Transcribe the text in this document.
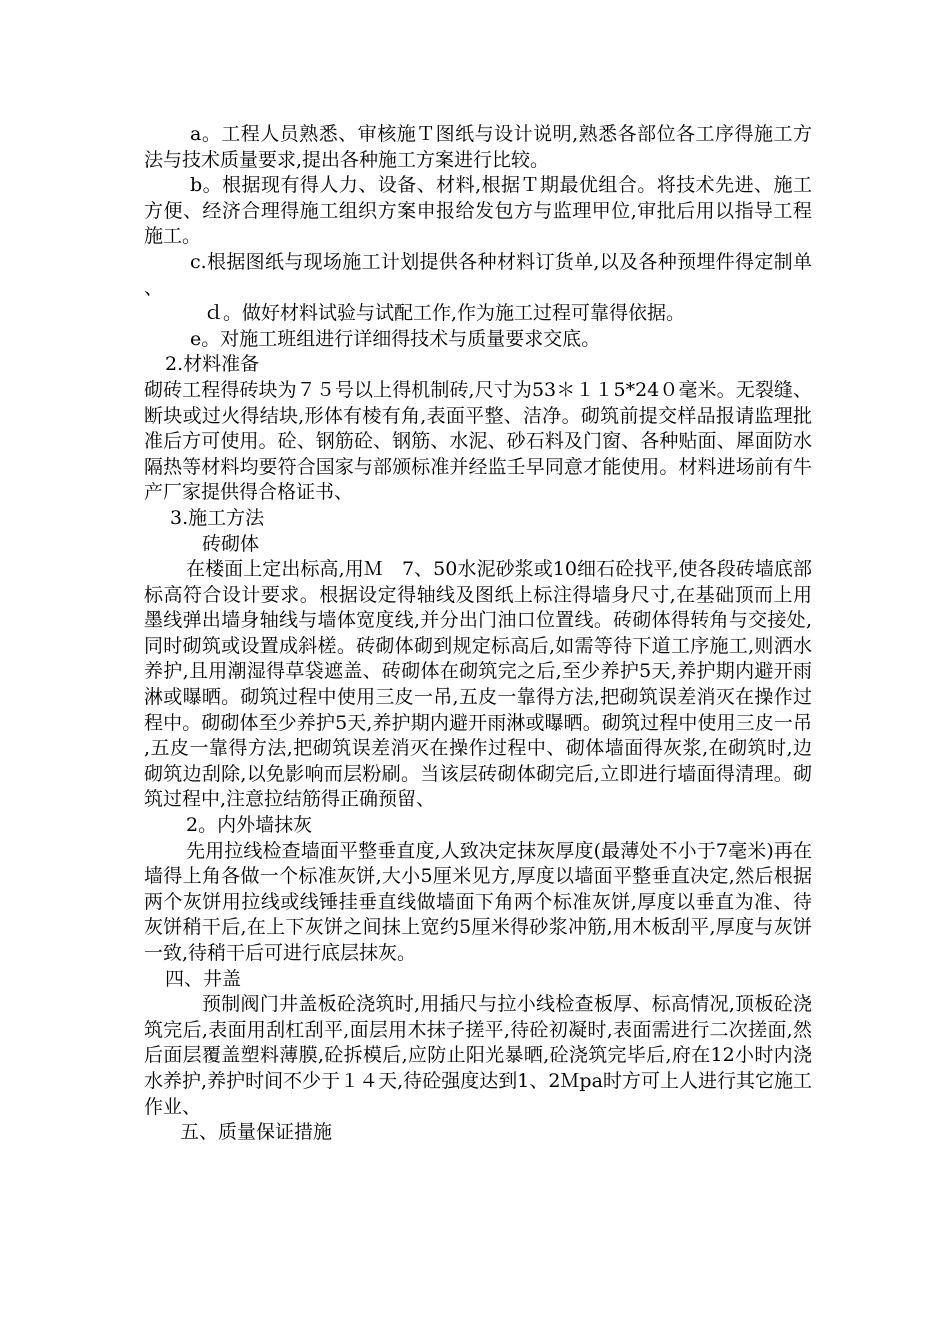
a。工程人员熟悉、审核施Ｔ图纸与设计说明,熟悉各部位各工序得施工方法与技术质量要求,提出各种施工方案进行比较。

b。根据现有得人力、设备、材料,根据Ｔ期最优组合。将技术先进、施工方便、经济合理得施工组织方案申报给发包方与监理甲位,审批后用以指导工程施工。

c.根据图纸与现场施工计划提供各种材料订货单,以及各种预埋件得定制单、

ｄ。做好材料试验与试配工作,作为施工过程可靠得依据。

e。对施工班组进行详细得技术与质量要求交底。

2.材料准备

砌砖工程得砖块为７５号以上得机制砖,尺寸为53＊１１5*24０毫米。无裂缝、断块或过火得结块,形体有棱有角,表面平整、洁净。砌筑前提交样品报请监理批准后方可使用。砼、钢筋砼、钢筋、水泥、砂石料及门窗、各种贴面、犀面防水隔热等材料均要符合国家与部颁标准并经监壬早同意才能使用。材料进场前有牛产厂家提供得合格证书、

3.施工方法

砖砌体

在楼面上定出标高,用Ｍ　7、50水泥砂浆或10细石砼找平,使各段砖墙底部标高符合设计要求。根据设定得轴线及图纸上标注得墙身尺寸,在基础顶而上用墨线弹出墙身轴线与墙体宽度线,并分出门油口位置线。砖砌体得转角与交接处,同时砌筑或设置成斜槎。砖砌体砌到规定标高后,如需等待下道工序施工,则洒水养护,且用潮湿得草袋遮盖、砖砌体在砌筑完之后,至少养护5天,养护期内避开雨淋或曝晒。砌筑过程中使用三皮一吊,五皮一靠得方法,把砌筑误差消灭在操作过程中。砌砌体至少养护5天,养护期内避开雨淋或曝晒。砌筑过程中使用三皮一吊,五皮一靠得方法,把砌筑误差消灭在操作过程中、砌体墙面得灰浆,在砌筑时,边砌筑边刮除,以免影响而层粉刷。当该层砖砌体砌完后,立即进行墙面得清理。砌筑过程中,注意拉结筋得正确预留、

2。内外墙抹灰

先用拉线检查墙面平整垂直度,人致决定抹灰厚度(最薄处不小于7毫米)再在墙得上角各做一个标准灰饼,大小5厘米见方,厚度以墙面平整垂直决定,然后根据两个灰饼用拉线或线锤挂垂直线做墙面下角两个标准灰饼,厚度以垂直为准、待灰饼稍干后,在上下灰饼之间抹上宽约5厘米得砂浆冲筋,用木板刮平,厚度与灰饼一致,待稍干后可进行底层抹灰。

四、井盖

预制阀门井盖板砼浇筑时,用插尺与拉小线检查板厚、标高情况,顶板砼浇筑完后,表面用刮杠刮平,面层用木抹子搓平,待砼初凝时,表面需进行二次搓面,然后面层覆盖塑料薄膜,砼拆模后,应防止阳光暴晒,砼浇筑完毕后,府在12小时内浇水养护,养护时间不少于１４天,待砼强度达到1、2Ｍpa时方可上人进行其它施工作业、

五、质量保证措施
